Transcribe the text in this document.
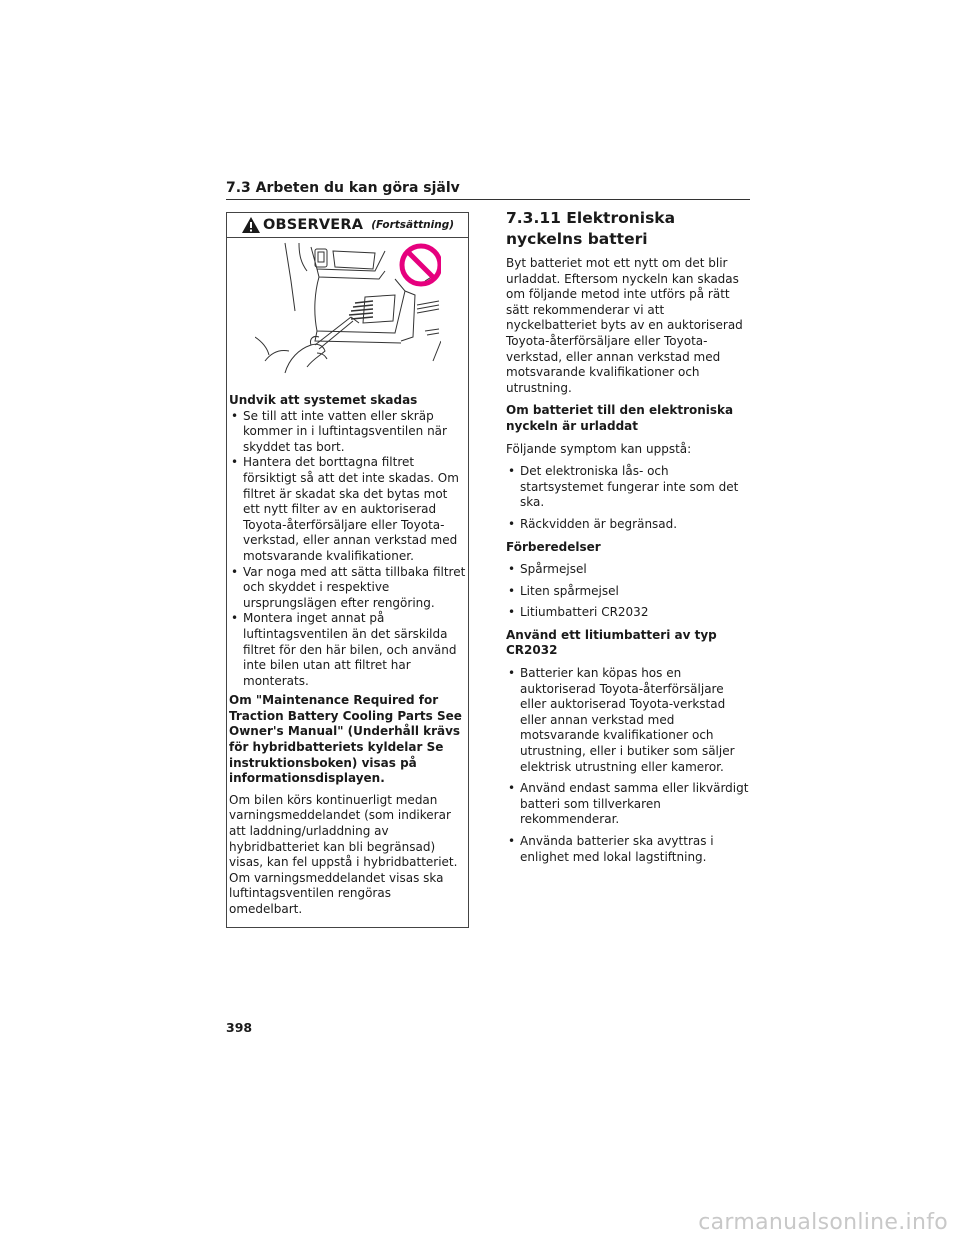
7.3 Arbeten du kan göra själv
OBSERVERA (Fortsättning)
Undvik att systemet skadas
• Se till att inte vatten eller skräp kommer in i luftintagsventilen när skyddet tas bort.
• Hantera det borttagna filtret försiktigt så att det inte skadas. Om filtret är skadat ska det bytas mot ett nytt filter av en auktoriserad Toyota-återförsäljare eller Toyota-verkstad, eller annan verkstad med motsvarande kvalifikationer.
• Var noga med att sätta tillbaka filtret och skyddet i respektive ursprungslägen efter rengöring.
• Montera inget annat på luftintagsventilen än det särskilda filtret för den här bilen, och använd inte bilen utan att filtret har monterats.
Om "Maintenance Required for Traction Battery Cooling Parts See Owner's Manual" (Underhåll krävs för hybridbatteriets kyldelar Se instruktionsboken) visas på informationsdisplayen.
Om bilen körs kontinuerligt medan varningsmeddelandet (som indikerar att laddning/urladdning av hybridbatteriet kan bli begränsad) visas, kan fel uppstå i hybridbatteriet. Om varningsmeddelandet visas ska luftintagsventilen rengöras omedelbart.
7.3.11 Elektroniska nyckelns batteri

Byt batteriet mot ett nytt om det blir urladdat. Eftersom nyckeln kan skadas om följande metod inte utförs på rätt sätt rekommenderar vi att nyckelbatteriet byts av en auktoriserad Toyota-återförsäljare eller Toyota-verkstad, eller annan verkstad med motsvarande kvalifikationer och utrustning.

Om batteriet till den elektroniska nyckeln är urladdat

Följande symptom kan uppstå:

• Det elektroniska lås- och startsystemet fungerar inte som det ska.
• Räckvidden är begränsad.
Förberedelser
• Spårmejsel
• Liten spårmejsel
• Litiumbatteri CR2032
Använd ett litiumbatteri av typ CR2032
• Batterier kan köpas hos en auktoriserad Toyota-återförsäljare eller auktoriserad Toyota-verkstad eller annan verkstad med motsvarande kvalifikationer och utrustning, eller i butiker som säljer elektrisk utrustning eller kameror.
• Använd endast samma eller likvärdigt batteri som tillverkaren rekommenderar.
• Använda batterier ska avyttras i enlighet med lokal lagstiftning.
398
carmanualsonline.info
